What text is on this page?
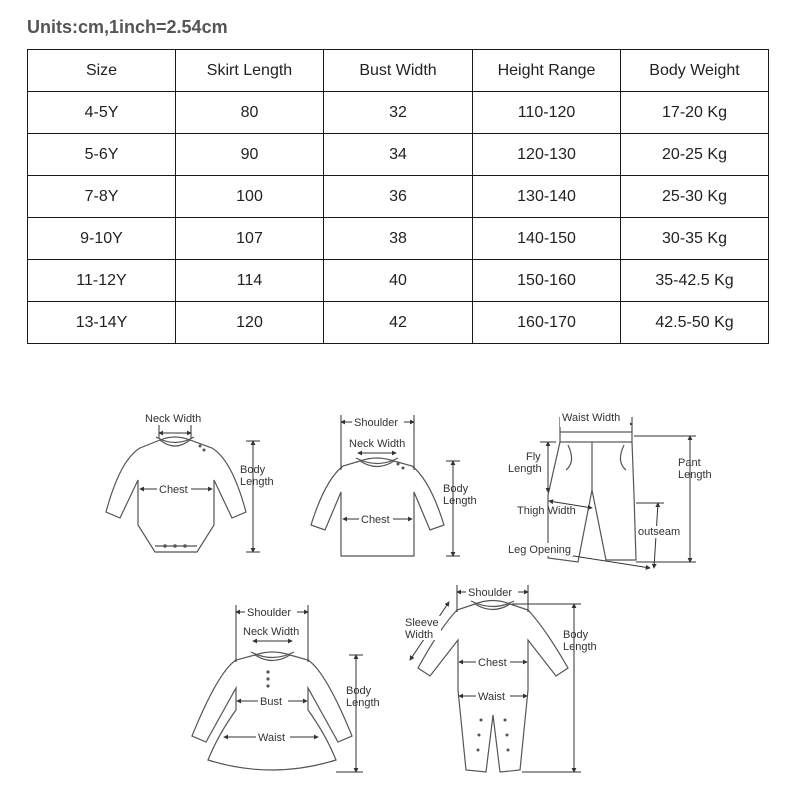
Units:cm,1inch=2.54cm
Size	Skirt Length	Bust Width	Height Range	Body Weight
4-5Y	80	32	110-120	17-20 Kg
5-6Y	90	34	120-130	20-25 Kg
7-8Y	100	36	130-140	25-30 Kg
9-10Y	107	38	140-150	30-35 Kg
11-12Y	114	40	150-160	35-42.5 Kg
13-14Y	120	42	160-170	42.5-50 Kg
Neck Width
Chest
Body
Length
Shoulder
Neck Width
Chest
Body
Length
Waist Width
Fly
Length	Pant
Length
Thigh Width
outseam
Leg Opening
Shoulder
Neck Width
Bust
Waist
Body
Length
Shoulder
Sleeve
Width
Chest
Waist
Body
Length
